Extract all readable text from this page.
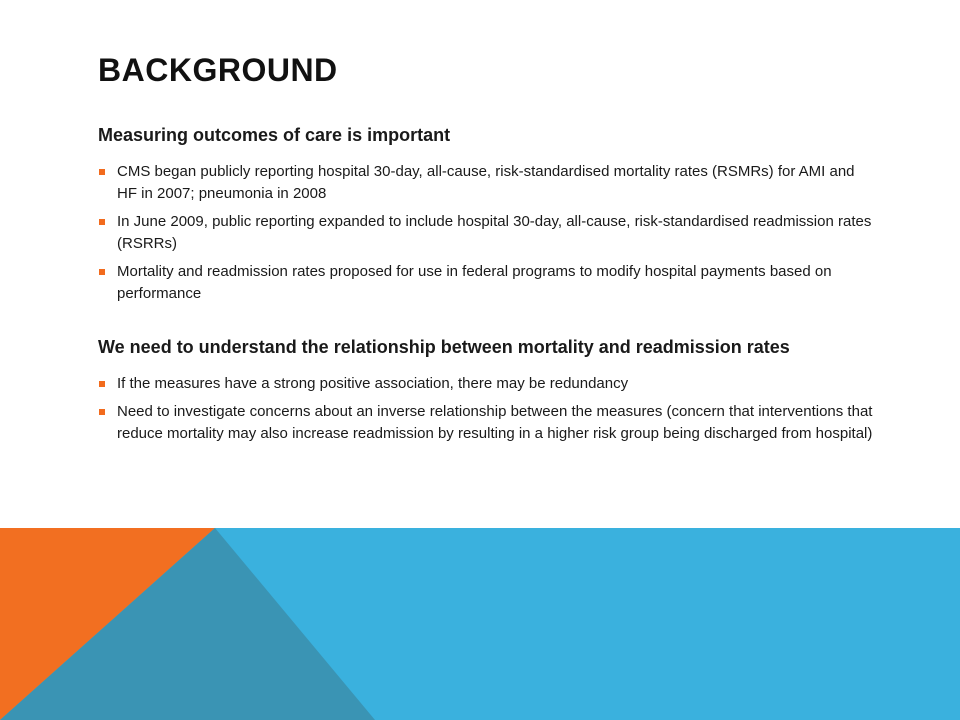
BACKGROUND
Measuring outcomes of care is important
CMS began publicly reporting hospital 30-day, all-cause, risk-standardised mortality rates (RSMRs) for AMI and HF in 2007; pneumonia in 2008
In June 2009, public reporting expanded to include hospital 30-day, all-cause, risk-standardised readmission rates (RSRRs)
Mortality and readmission rates proposed for use in federal programs to modify hospital payments based on performance
We need to understand the relationship between mortality and readmission rates
If the measures have a strong positive association, there may be redundancy
Need to investigate concerns about an inverse relationship between the measures (concern that interventions that reduce mortality may also increase readmission by resulting in a higher risk group being discharged from hospital)
